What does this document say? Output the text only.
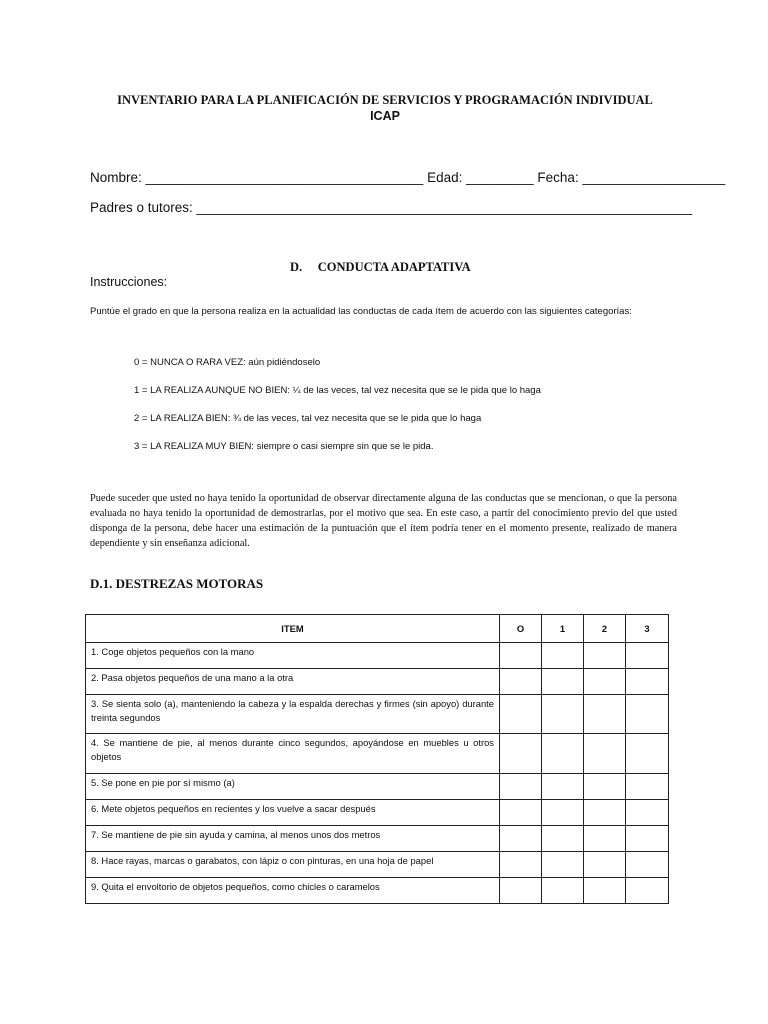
INVENTARIO PARA LA PLANIFICACIÓN DE SERVICIOS Y PROGRAMACIÓN INDIVIDUAL
ICAP
Nombre: _____________________________________ Edad: _________ Fecha: ___________________
Padres o tutores: __________________________________________________________________
D.     CONDUCTA ADAPTATIVA
Instrucciones:
Puntúe el grado en que la persona realiza en la actualidad las conductas de cada ítem de acuerdo con las siguientes categorías:
0 = NUNCA O RARA VEZ: aún pidiéndoselo
1 = LA REALIZA AUNQUE NO BIEN: ¼ de las veces, tal vez necesita que se le pida que lo haga
2 = LA REALIZA BIEN: ¾ de las veces, tal vez necesita que se le pida que lo haga
3 = LA REALIZA MUY BIEN: siempre o casi siempre sin que se le pida.
Puede suceder que usted no haya tenido la oportunidad de observar directamente alguna de las conductas que se mencionan, o que la persona evaluada no haya tenido la oportunidad de demostrarlas, por el motivo que sea. En este caso, a partir del conocimiento previo del que usted disponga de la persona, debe hacer una estimación de la puntuación que el ítem podría tener en el momento presente, realizado de manera dependiente y sin enseñanza adicional.
D.1. DESTREZAS MOTORAS
ITEM	O	1	2	3
1. Coge objetos pequeños con la mano				
2. Pasa objetos pequeños de una mano a la otra				
3. Se sienta solo (a), manteniendo la cabeza y la espalda derechas y firmes (sin apoyo) durante treinta segundos				
4. Se mantiene de pie, al menos durante cinco segundos, apoyándose en muebles u otros objetos				
5. Se pone en pie por sí mismo (a)				
6. Mete objetos pequeños en recientes y los vuelve a sacar después				
7. Se mantiene de pie sin ayuda y camina, al menos unos dos metros				
8. Hace rayas, marcas o garabatos, con lápiz o con pinturas, en una hoja de papel				
9. Quita el envoltorio de objetos pequeños, como chicles o caramelos				
